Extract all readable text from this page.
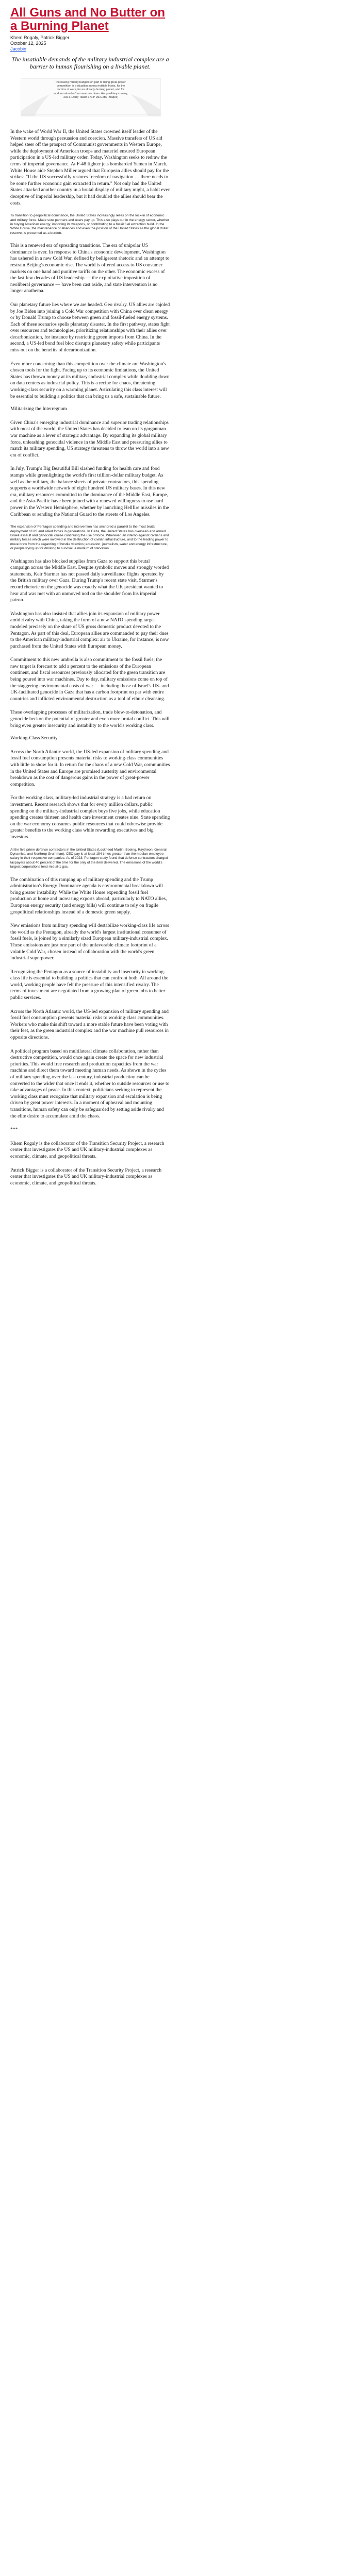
All Guns and No Butter on a Burning Planet
Khem Rogaly, Patrick Bigger
October 12, 2025
Jacobin

The insatiable demands of the military industrial complex are a barrier to human flourishing on a livable planet.

Increasing military budgets on part of rising great-power competition is a situation across multiple fronts, for the victims of wars, for an already-burning planet, and for workers who don't run war machines. Army military convoy, 2024. (Jerry Tassin / AFP via Getty Images)

In the wake of World War II, the United States crowned itself leader of the Western world through persuasion and coercion. Massive transfers of US aid helped steer off the prospect of Communist governments in Western Europe, while the deployment of American troops and materiel ensured European participation in a US-led military order. Today, Washington seeks to redraw the terms of imperial governance. At F-48 fighter jets bombarded Yemen in March, White House aide Stephen Miller argued that European allies should pay for the strikes: "If the US successfully restores freedom of navigation … there needs to be some further economic gain extracted in return." Not only had the United States attacked another country in a brutal display of military might, a habit ever deceptive of imperial leadership, but it had doubled the allies should bear the costs.

To transition to geopolitical dominance, the United States increasingly relies on the lock-in of economic and military force. Make sure partners and users pay up. This also plays out in the energy sector, whether in buying American energy, importing its weapons, or contributing to a fossil fuel extraction build. In the White House, the maintenance of alliances and even the position of the United States as the global dollar reserve, is presented as a burden.

This is a renewed era of spreading transitions. The era of unipolar US dominance is over. In response to China's economic development, Washington has ushered in a new Cold War, defined by belligerent rhetoric and an attempt to restrain Beijing's economic rise. The world is offered access to US consumer markets on one hand and punitive tariffs on the other. The economic excess of the last few decades of US leadership — the exploitative imposition of neoliberal governance — have been cast aside, and state intervention is no longer anathema.

Our planetary future lies where we are headed. Geo rivalry. US allies are cajoled by Joe Biden into joining a Cold War competition with China over clean energy or by Donald Trump to choose between green and fossil-fueled energy systems. Each of these scenarios spells planetary disaster. In the first pathway, states fight over resources and technologies, prioritizing relationships with their allies over decarbonization, for instance by restricting green imports from China. In the second, a US-led bond fuel bloc disrupts planetary safety while participants miss out on the benefits of decarbonization.

Even more concerning than this competition over the climate are Washington's chosen tools for the fight. Facing up to its economic limitations, the United States has thrown money at its military-industrial complex while doubling down on data centers as industrial policy. This is a recipe for chaos, threatening working-class security on a warming planet. Articulating this class interest will be essential to building a politics that can bring us a safe, sustainable future.

Militarizing the Interregnum

Given China's emerging industrial dominance and superior trading relationships with most of the world, the United States has decided to lean on its gargantuan war machine as a lever of strategic advantage. By expanding its global military force, unleashing genocidal violence in the Middle East and pressuring allies to match its military spending, US strategy threatens to throw the world into a new era of conflict.

In July, Trump's Big Beautiful Bill slashed funding for health care and food stamps while greenlighting the world's first trillion-dollar military budget. As well as the military, the balance sheets of private contractors, this spending supports a worldwide network of eight hundred US military bases. In this new era, military resources committed to the dominance of the Middle East, Europe, and the Asia-Pacific have been joined with a renewed willingness to use hard power in the Western Hemisphere, whether by launching Hellfire missiles in the Caribbean or sending the National Guard to the streets of Los Angeles.

The expansion of Pentagon spending and intervention has anchored a parallel to the most brutal deployment of US and allied forces in generations. In Gaza, the United States has overseen and armed Israeli assault and genocidal cruise continuing the use of force. Wherever, an inferno against civilians and military forces which were involved in the destruction of civilian infrastructure, and to the leading power to move brew from the regarding of hostile vitamins; education, journalism, water and energy infrastructure, or people trying up for drinking to survival, a medium of starvation.

Washington has also blocked supplies from Gaza to support this brutal campaign across the Middle East. Despite symbolic moves and strongly worded statements, Keir Starmer has not passed daily surveillance flights operated by the British military over Gaza. During Trump's recent state visit, Starmer's record rhetoric on the genocide was exactly what the UK president wanted to hear and was met with an unmoved nod on the shoulder from his imperial patron.

Washington has also insisted that allies join its expansion of military power amid rivalry with China, taking the form of a new NATO spending target modeled precisely on the share of US gross domestic product devoted to the Pentagon. As part of this deal, European allies are commanded to pay their dues to the American military-industrial complex: air to Ukraine, for instance, is now purchased from the United States with European money.

Commitment to this new umbrella is also commitment to the fossil fuels; the new target is forecast to add a percent to the emissions of the European continent, and fiscal resources previously allocated for the green transition are being poured into war machines. Day to day, military emissions come on top of the staggering environmental costs of war — including those of Israel's US- and UK-facilitated genocide in Gaza that has a carbon footprint on par with entire countries and inflicted environmental destruction as a tool of ethnic cleansing.

These overlapping processes of militarization, trade blow-to-detonation, and genocide beckon the potential of greater and even more brutal conflict. This will bring even greater insecurity and instability to the world's working class.

Working-Class Security

Across the North Atlantic world, the US-led expansion of military spending and fossil fuel consumption presents material risks to working-class communities with little to show for it. In return for the chaos of a new Cold War, communities in the United States and Europe are promised austerity and environmental breakdown as the cost of dangerous gains in the power of great-power competition.

For the working class, military-led industrial strategy is a bad return on investment. Recent research shows that for every million dollars, public spending on the military-industrial complex buys five jobs, while education spending creates thirteen and health care investment creates nine. State spending on the war economy consumes public resources that could otherwise provide greater benefits to the working class while rewarding executives and big investors.

At the five prime defense contractors in the United States (Lockheed Martin, Boeing, Raytheon, General Dynamics, and Northrop Grumman), CEO pay is at least 184 times greater than the median employee salary in their respective companies. As of 2023, Pentagon study found that defense contractors charged taxpayers about 40 percent of the time for the only of the item delivered. The emissions of the world's largest corporations tend mid-at-1 gas.

The combination of this ramping up of military spending and the Trump administration's Energy Dominance agenda is environmental breakdown will bring greater instability. While the White House expending fossil fuel production at home and increasing exports abroad, particularly to NATO allies, European energy security (and energy bills) will continue to rely on fragile geopolitical relationships instead of a domestic green supply.

New emissions from military spending will destabilize working-class life across the world as the Pentagon, already the world's largest institutional consumer of fossil fuels, is joined by a similarly sized European military-industrial complex. These emissions are just one part of the unfavorable climate footprint of a volatile Cold War, chosen instead of collaboration with the world's green industrial superpower.

Recognizing the Pentagon as a source of instability and insecurity in working-class life is essential to building a politics that can confront both. All around the world, working people have felt the pressure of this intensified rivalry. The terms of investment are negotiated from a growing plan of green jobs to better public services.

Across the North Atlantic world, the US-led expansion of military spending and fossil fuel consumption presents material risks to working-class communities. Workers who make this shift toward a more stable future have been voting with their feet, as the green industrial complex and the war machine pull resources in opposite directions.

A political program based on multilateral climate collaboration, rather than destructive competition, would once again create the space for new industrial priorities. This would free research and production capacities from the war machine and direct them toward meeting human needs. As shown in the cycles of military spending over the last century, industrial production can be converted to the wider that once it ends it, whether to outside resources or use to take advantages of peace. In this context, politicians seeking to represent the working class must recognize that military expansion and escalation is being driven by great power interests. In a moment of upheaval and mounting transitions, human safety can only be safeguarded by setting aside rivalry and the elite desire to accumulate amid the chaos.

***

Khem Rogaly is the collaborator of the Transition Security Project, a research center that investigates the US and UK military-industrial complexes as economic, climate, and geopolitical threats.

Patrick Bigger is a collaborator of the Transition Security Project, a research center that investigates the US and UK military-industrial complexes as economic, climate, and geopolitical threats.
